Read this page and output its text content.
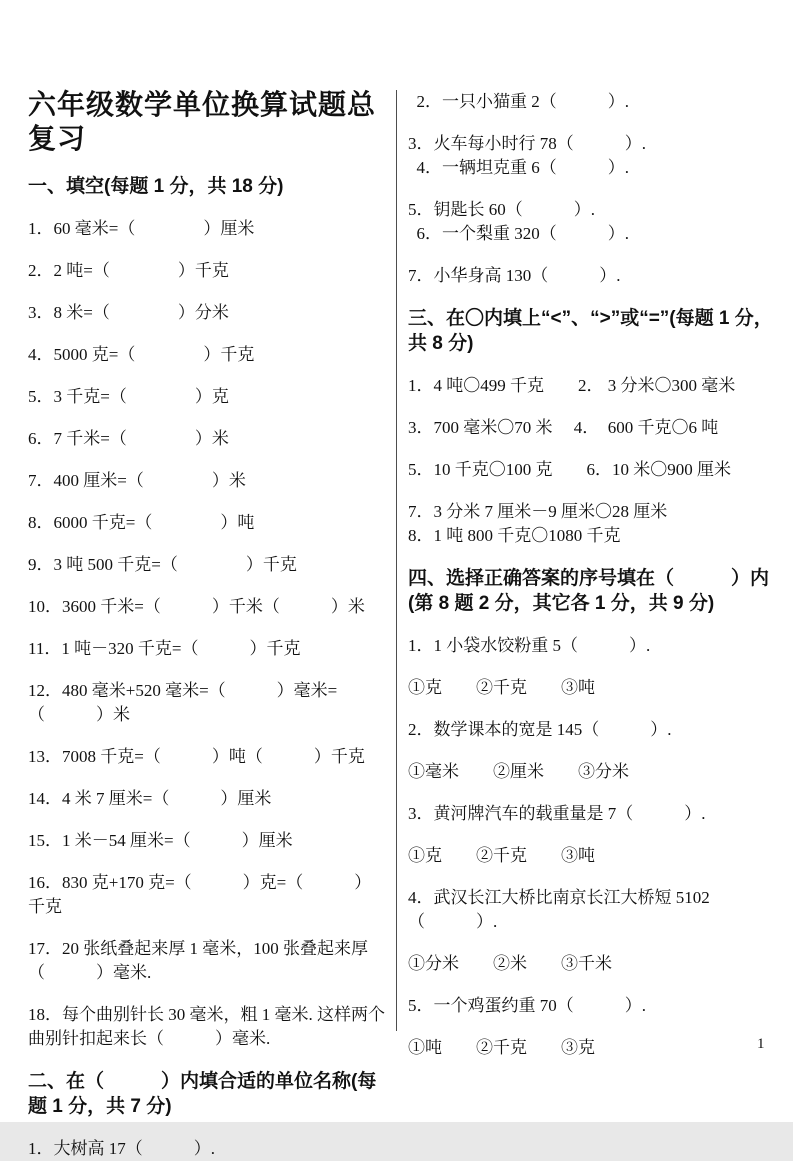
六年级数学单位换算试题总复习
一、填空(每题 1 分，共 18 分)
1．60 毫米=（　　　　）厘米
2．2 吨=（　　　　）千克
3．8 米=（　　　　）分米
4．5000 克=（　　　　）千克
5．3 千克=（　　　　）克
6．7 千米=（　　　　）米
7．400 厘米=（　　　　）米
8．6000 千克=（　　　　）吨
9．3 吨 500 千克=（　　　　）千克
10．3600 千米=（　　　）千米（　　　）米
11．1 吨－320 千克=（　　　）千克
12．480 毫米+520 毫米=（　　　）毫米=（　　　）米
13．7008 千克=（　　　）吨（　　　）千克
14．4 米 7 厘米=（　　　）厘米
15．1 米－54 厘米=（　　　）厘米
16．830 克+170 克=（　　　）克=（　　　）千克
17．20 张纸叠起来厚 1 毫米，100 张叠起来厚（　　　）毫米.
18．每个曲别针长 30 毫米，粗 1 毫米. 这样两个曲别针扣起来长（　　　）毫米.
二、在（　　　）内填合适的单位名称(每题 1 分，共 7 分)
1．大树高 17（　　　）.
2．一只小猫重 2（　　　）.
3．火车每小时行 78（　　　）.
4．一辆坦克重 6（　　　）.
5．钥匙长 60（　　　）.
6．一个梨重 320（　　　）.
7．小华身高 130（　　　）.
三、在〇内填上“<”、“>”或“=”(每题 1 分，共 8 分)
1．4 吨〇499 千克　　2． 3 分米〇300 毫米
3．700 毫米〇70 米　 4．　600 千克〇6 吨
5．10 千克〇100 克　　6．10 米〇900 厘米
7．3 分米 7 厘米－9 厘米〇28 厘米
8．1 吨 800 千克〇1080 千克
四、选择正确答案的序号填在（　　　）内(第 8 题 2 分，其它各 1 分，共 9 分)
1．1 小袋水饺粉重 5（　　　）.
①克　　②千克　　③吨
2．数学课本的宽是 145（　　　）.
①毫米　　②厘米　　③分米
3．黄河牌汽车的载重量是 7（　　　）.
①克　　②千克　　③吨
4．武汉长江大桥比南京长江大桥短 5102（　　　）.
①分米　　②米　　③千米
5．一个鸡蛋约重 70（　　　）.
①吨　　②千克　　③克	1
